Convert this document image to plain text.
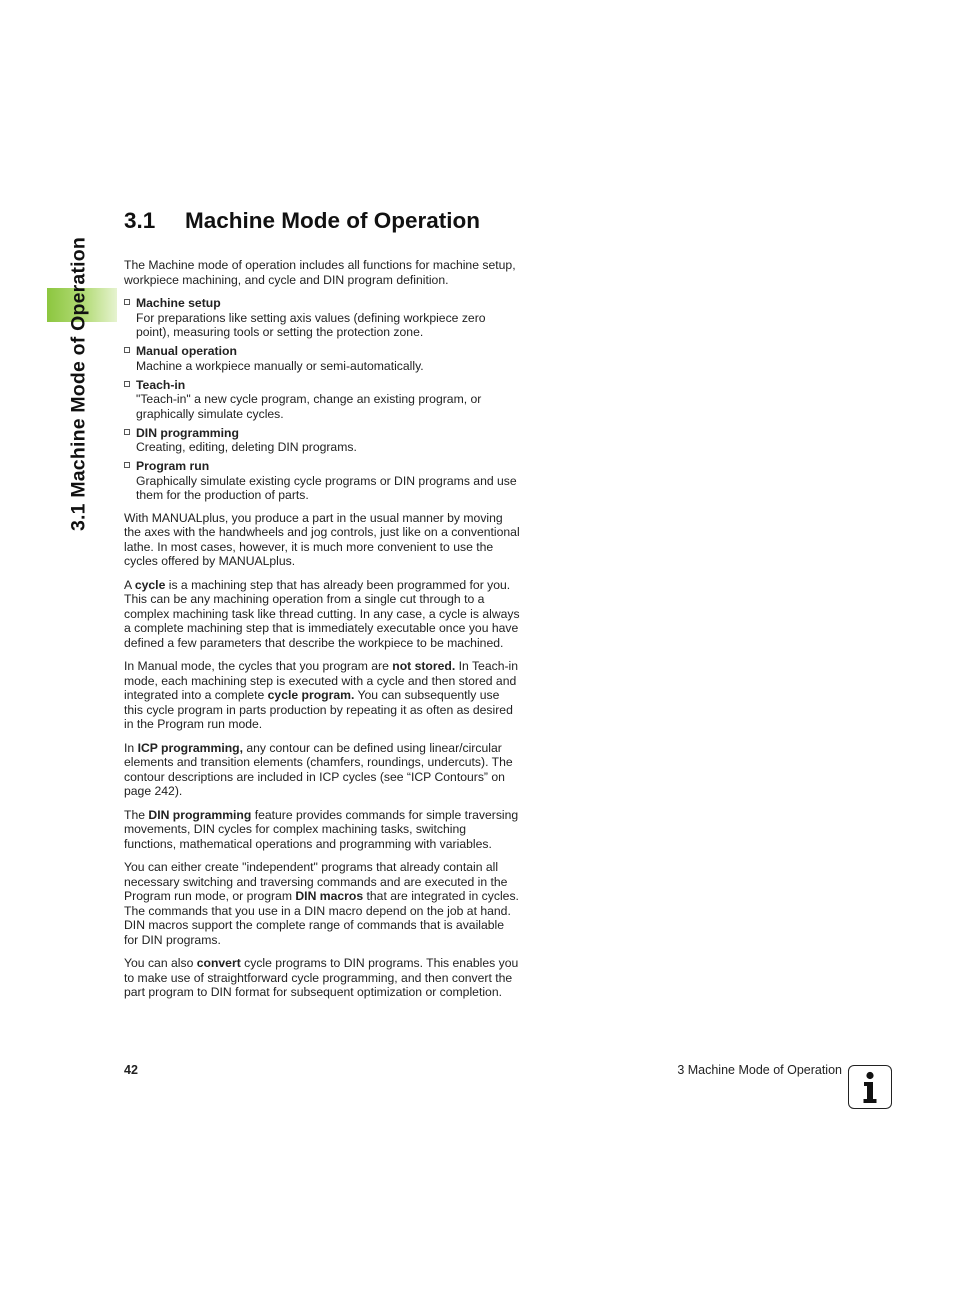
3.1 Machine Mode of Operation
3.1 Machine Mode of Operation

The Machine mode of operation includes all functions for machine setup, workpiece machining, and cycle and DIN program definition.

Machine setup
For preparations like setting axis values (defining workpiece zero point), measuring tools or setting the protection zone.
Manual operation
Machine a workpiece manually or semi-automatically.
Teach-in
"Teach-in" a new cycle program, change an existing program, or graphically simulate cycles.
DIN programming
Creating, editing, deleting DIN programs.
Program run
Graphically simulate existing cycle programs or DIN programs and use them for the production of parts.

With MANUALplus, you produce a part in the usual manner by moving the axes with the handwheels and jog controls, just like on a conventional lathe. In most cases, however, it is much more convenient to use the cycles offered by MANUALplus.

A cycle is a machining step that has already been programmed for you. This can be any machining operation from a single cut through to a complex machining task like thread cutting. In any case, a cycle is always a complete machining step that is immediately executable once you have defined a few parameters that describe the workpiece to be machined.

In Manual mode, the cycles that you program are not stored. In Teach-in mode, each machining step is executed with a cycle and then stored and integrated into a complete cycle program. You can subsequently use this cycle program in parts production by repeating it as often as desired in the Program run mode.

In ICP programming, any contour can be defined using linear/circular elements and transition elements (chamfers, roundings, undercuts). The contour descriptions are included in ICP cycles (see “ICP Contours” on page 242).

The DIN programming feature provides commands for simple traversing movements, DIN cycles for complex machining tasks, switching functions, mathematical operations and programming with variables.

You can either create "independent" programs that already contain all necessary switching and traversing commands and are executed in the Program run mode, or program DIN macros that are integrated in cycles. The commands that you use in a DIN macro depend on the job at hand. DIN macros support the complete range of commands that is available for DIN programs.

You can also convert cycle programs to DIN programs. This enables you to make use of straightforward cycle programming, and then convert the part program to DIN format for subsequent optimization or completion.

42	3 Machine Mode of Operation
